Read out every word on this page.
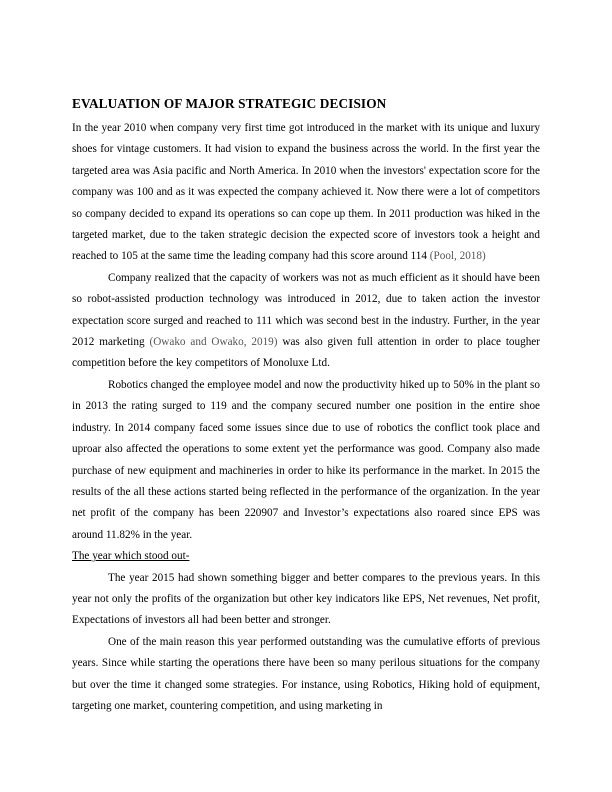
EVALUATION OF MAJOR STRATEGIC DECISION

In the year 2010 when company very first time got introduced in the market with its unique and luxury shoes for vintage customers. It had vision to expand the business across the world. In the first year the targeted area was Asia pacific and North America. In 2010 when the investors' expectation score for the company was 100 and as it was expected the company achieved it. Now there were a lot of competitors so company decided to expand its operations so can cope up them. In 2011 production was hiked in the targeted market, due to the taken strategic decision the expected score of investors took a height and reached to 105 at the same time the leading company had this score around 114 (Pool, 2018)

Company realized that the capacity of workers was not as much efficient as it should have been so robot-assisted production technology was introduced in 2012, due to taken action the investor expectation score surged and reached to 111 which was second best in the industry. Further, in the year 2012 marketing (Owako and Owako, 2019) was also given full attention in order to place tougher competition before the key competitors of Monoluxe Ltd.

Robotics changed the employee model and now the productivity hiked up to 50% in the plant so in 2013 the rating surged to 119 and the company secured number one position in the entire shoe industry. In 2014 company faced some issues since due to use of robotics the conflict took place and uproar also affected the operations to some extent yet the performance was good. Company also made purchase of new equipment and machineries in order to hike its performance in the market. In 2015 the results of the all these actions started being reflected in the performance of the organization. In the year net profit of the company has been 220907 and Investor’s expectations also roared since EPS was around 11.82% in the year.

The year which stood out-

The year 2015 had shown something bigger and better compares to the previous years. In this year not only the profits of the organization but other key indicators like EPS, Net revenues, Net profit, Expectations of investors all had been better and stronger.

One of the main reason this year performed outstanding was the cumulative efforts of previous years. Since while starting the operations there have been so many perilous situations for the company but over the time it changed some strategies. For instance, using Robotics, Hiking hold of equipment, targeting one market, countering competition, and using marketing in
